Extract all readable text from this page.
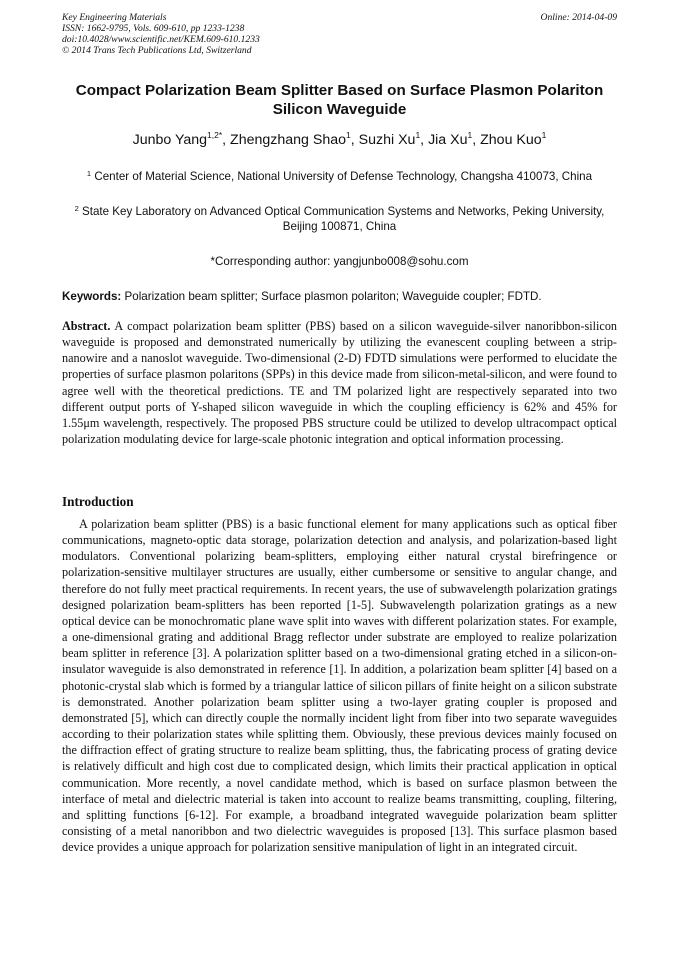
Key Engineering Materials
ISSN: 1662-9795, Vols. 609-610, pp 1233-1238
doi:10.4028/www.scientific.net/KEM.609-610.1233
© 2014 Trans Tech Publications Ltd, Switzerland
Online: 2014-04-09
Compact Polarization Beam Splitter Based on Surface Plasmon Polariton Silicon Waveguide
Junbo Yang$^{1,2*}$, Zhengzhang Shao$^1$, Suzhi Xu$^1$, Jia Xu$^1$, Zhou Kuo$^1$
$^1$ Center of Material Science, National University of Defense Technology, Changsha 410073, China
$^2$ State Key Laboratory on Advanced Optical Communication Systems and Networks, Peking University, Beijing 100871, China
*Corresponding author: yangjunbo008@sohu.com
Keywords: Polarization beam splitter; Surface plasmon polariton; Waveguide coupler; FDTD.
Abstract. A compact polarization beam splitter (PBS) based on a silicon waveguide-silver nanoribbon-silicon waveguide is proposed and demonstrated numerically by utilizing the evanescent coupling between a strip-nanowire and a nanoslot waveguide. Two-dimensional (2-D) FDTD simulations were performed to elucidate the properties of surface plasmon polaritons (SPPs) in this device made from silicon-metal-silicon, and were found to agree well with the theoretical predictions. TE and TM polarized light are respectively separated into two different output ports of Y-shaped silicon waveguide in which the coupling efficiency is 62% and 45% for 1.55μm wavelength, respectively. The proposed PBS structure could be utilized to develop ultracompact optical polarization modulating device for large-scale photonic integration and optical information processing.
Introduction
A polarization beam splitter (PBS) is a basic functional element for many applications such as optical fiber communications, magneto-optic data storage, polarization detection and analysis, and polarization-based light modulators. Conventional polarizing beam-splitters, employing either natural crystal birefringence or polarization-sensitive multilayer structures are usually, either cumbersome or sensitive to angular change, and therefore do not fully meet practical requirements. In recent years, the use of subwavelength polarization gratings designed polarization beam-splitters has been reported [1-5]. Subwavelength polarization gratings as a new optical device can be monochromatic plane wave split into waves with different polarization states. For example, a one-dimensional grating and additional Bragg reflector under substrate are employed to realize polarization beam splitter in reference [3]. A polarization splitter based on a two-dimensional grating etched in a silicon-on-insulator waveguide is also demonstrated in reference [1]. In addition, a polarization beam splitter [4] based on a photonic-crystal slab which is formed by a triangular lattice of silicon pillars of finite height on a silicon substrate is demonstrated. Another polarization beam splitter using a two-layer grating coupler is proposed and demonstrated [5], which can directly couple the normally incident light from fiber into two separate waveguides according to their polarization states while splitting them. Obviously, these previous devices mainly focused on the diffraction effect of grating structure to realize beam splitting, thus, the fabricating process of grating device is relatively difficult and high cost due to complicated design, which limits their practical application in optical communication. More recently, a novel candidate method, which is based on surface plasmon between the interface of metal and dielectric material is taken into account to realize beams transmitting, coupling, filtering, and splitting functions [6-12]. For example, a broadband integrated waveguide polarization beam splitter consisting of a metal nanoribbon and two dielectric waveguides is proposed [13]. This surface plasmon based device provides a unique approach for polarization sensitive manipulation of light in an integrated circuit.
